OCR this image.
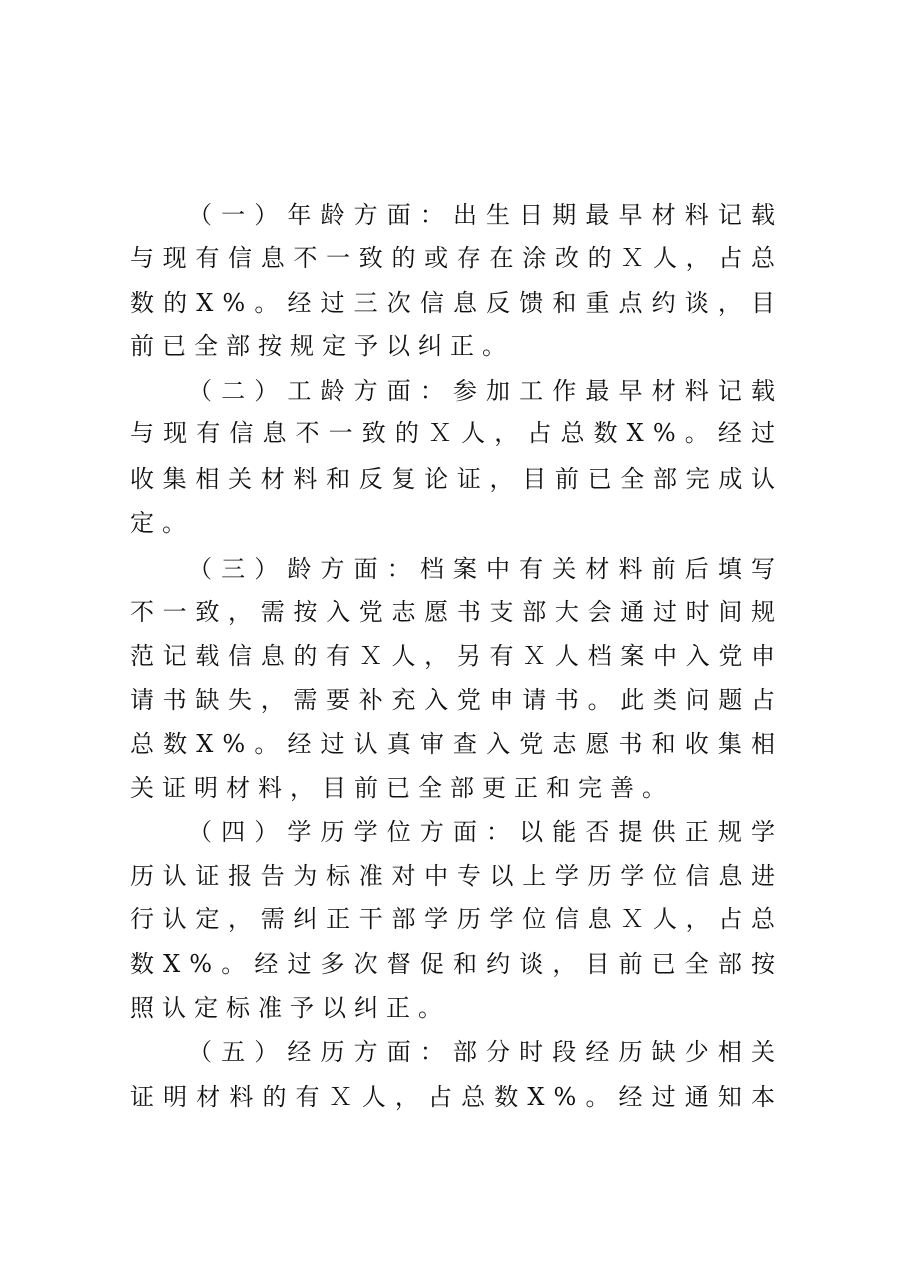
（一）年龄方面：出生日期最早材料记载
与现有信息不一致的或存在涂改的Ｘ人，占总
数的X%。经过三次信息反馈和重点约谈，目
前已全部按规定予以纠正。
（二）工龄方面：参加工作最早材料记载
与现有信息不一致的Ｘ人，占总数X%。经过
收集相关材料和反复论证，目前已全部完成认
定。
（三）龄方面：档案中有关材料前后填写
不一致，需按入党志愿书支部大会通过时间规
范记载信息的有Ｘ人，另有Ｘ人档案中入党申
请书缺失，需要补充入党申请书。此类问题占
总数X%。经过认真审查入党志愿书和收集相
关证明材料，目前已全部更正和完善。
（四）学历学位方面：以能否提供正规学
历认证报告为标准对中专以上学历学位信息进
行认定，需纠正干部学历学位信息Ｘ人，占总
数X%。经过多次督促和约谈，目前已全部按
照认定标准予以纠正。
（五）经历方面：部分时段经历缺少相关
证明材料的有Ｘ人，占总数X%。经过通知本
